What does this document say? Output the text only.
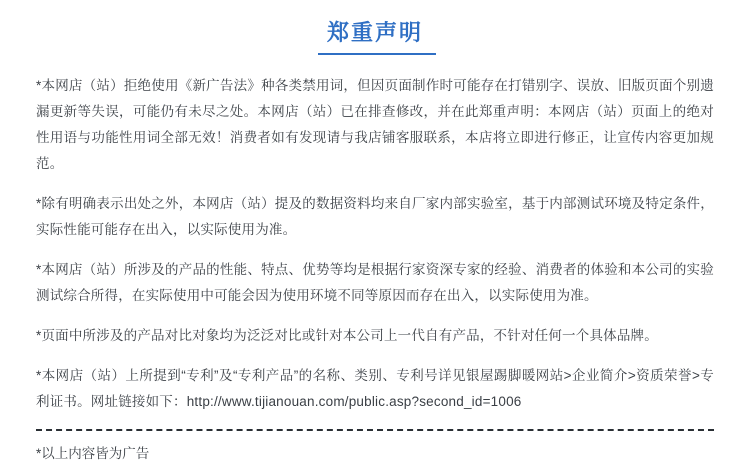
郑重声明

*本网店（站）拒绝使用《新广告法》种各类禁用词，但因页面制作时可能存在打错别字、误放、旧版页面个别遗漏更新等失误，可能仍有未尽之处。本网店（站）已在排查修改，并在此郑重声明：本网店（站）页面上的绝对性用语与功能性用词全部无效！消费者如有发现请与我店铺客服联系，本店将立即进行修正，让宣传内容更加规范。

*除有明确表示出处之外，本网店（站）提及的数据资料均来自厂家内部实验室，基于内部测试环境及特定条件，实际性能可能存在出入，以实际使用为准。

*本网店（站）所涉及的产品的性能、特点、优势等均是根据行家资深专家的经验、消费者的体验和本公司的实验测试综合所得，在实际使用中可能会因为使用环境不同等原因而存在出入，以实际使用为准。

*页面中所涉及的产品对比对象均为泛泛对比或针对本公司上一代自有产品，不针对任何一个具体品牌。

*本网店（站）上所提到“专利”及“专利产品”的名称、类别、专利号详见银屋踢脚暖网站>企业简介>资质荣誉>专利证书。网址链接如下：http://www.tijianouan.com/public.asp?second_id=1006

*以上内容皆为广告
